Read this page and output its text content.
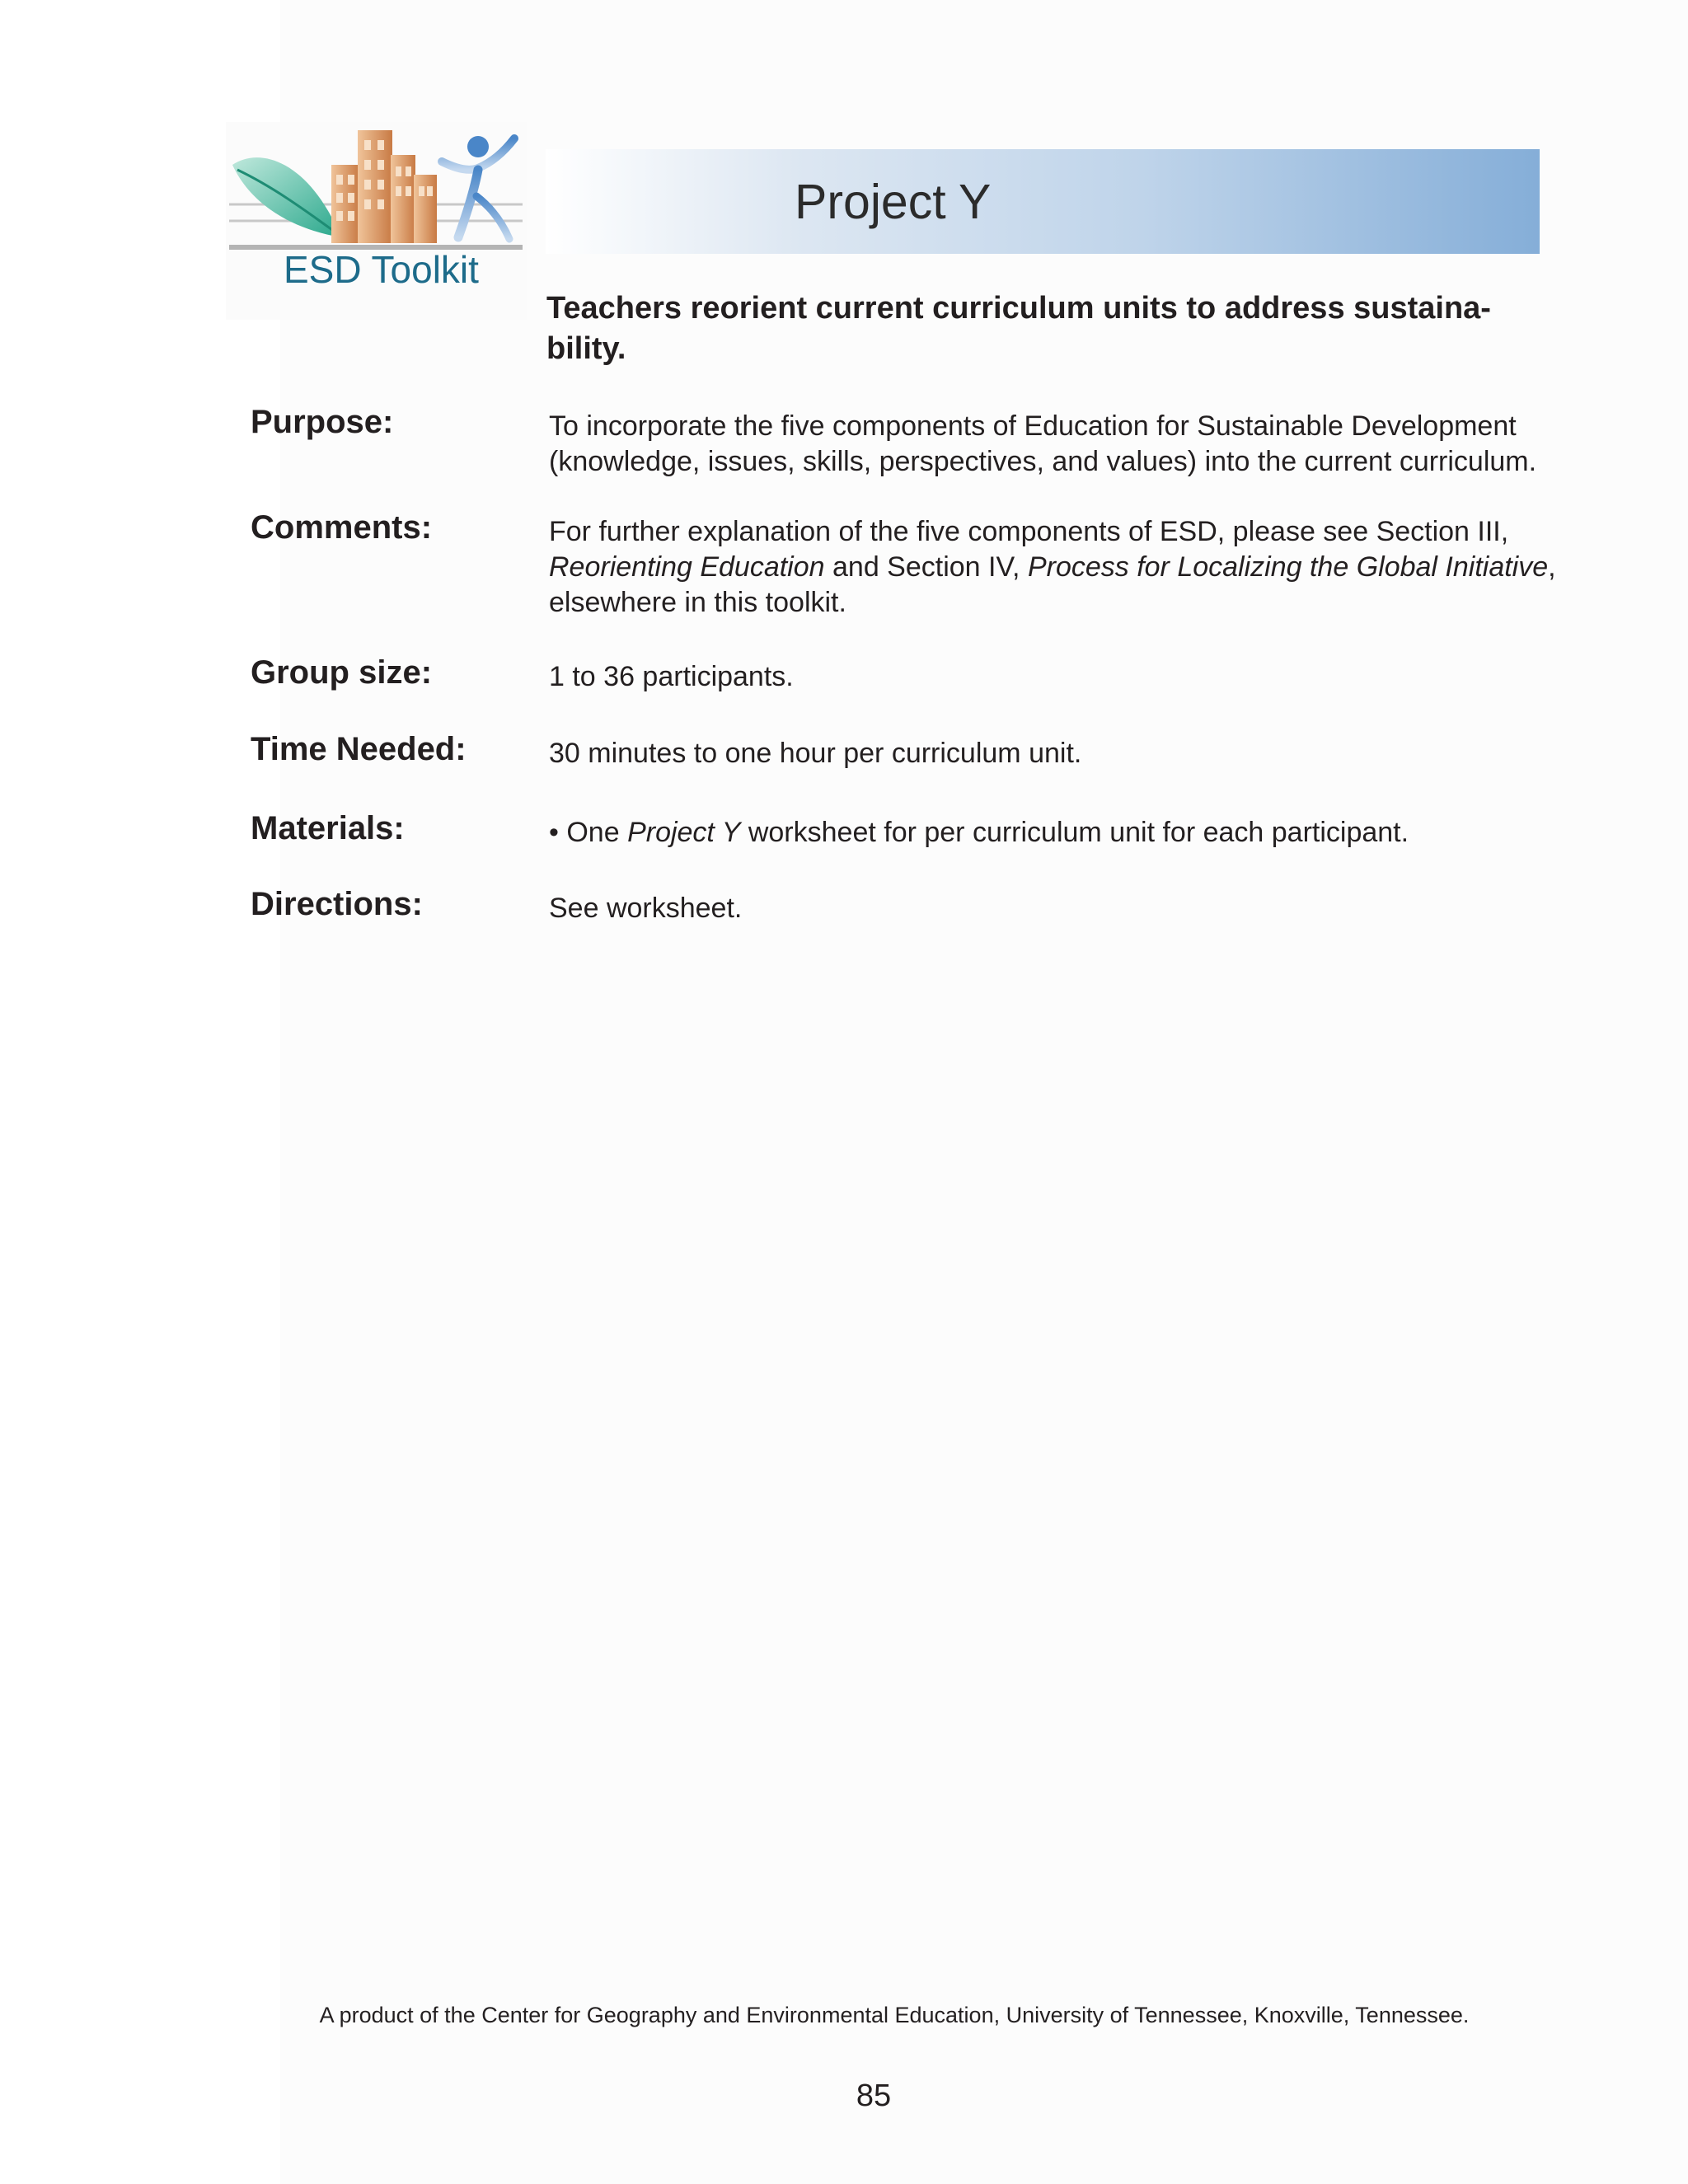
ESD Toolkit
Project Y
Teachers reorient current curriculum units to address sustaina-bility.
Purpose:	To incorporate the five components of Education for Sustainable Development
(knowledge, issues, skills, perspectives, and values) into the current curriculum.
Comments:	For further explanation of the five components of ESD, please see Section III,
Reorienting Education and Section IV, Process for Localizing the Global Initiative,
elsewhere in this toolkit.
Group size:	1 to 36 participants.
Time Needed:	30 minutes to one hour per curriculum unit.
Materials:	• One Project Y worksheet for per curriculum unit for each participant.
Directions:	See worksheet.
A product of the Center for Geography and Environmental Education, University of Tennessee, Knoxville, Tennessee.
85
